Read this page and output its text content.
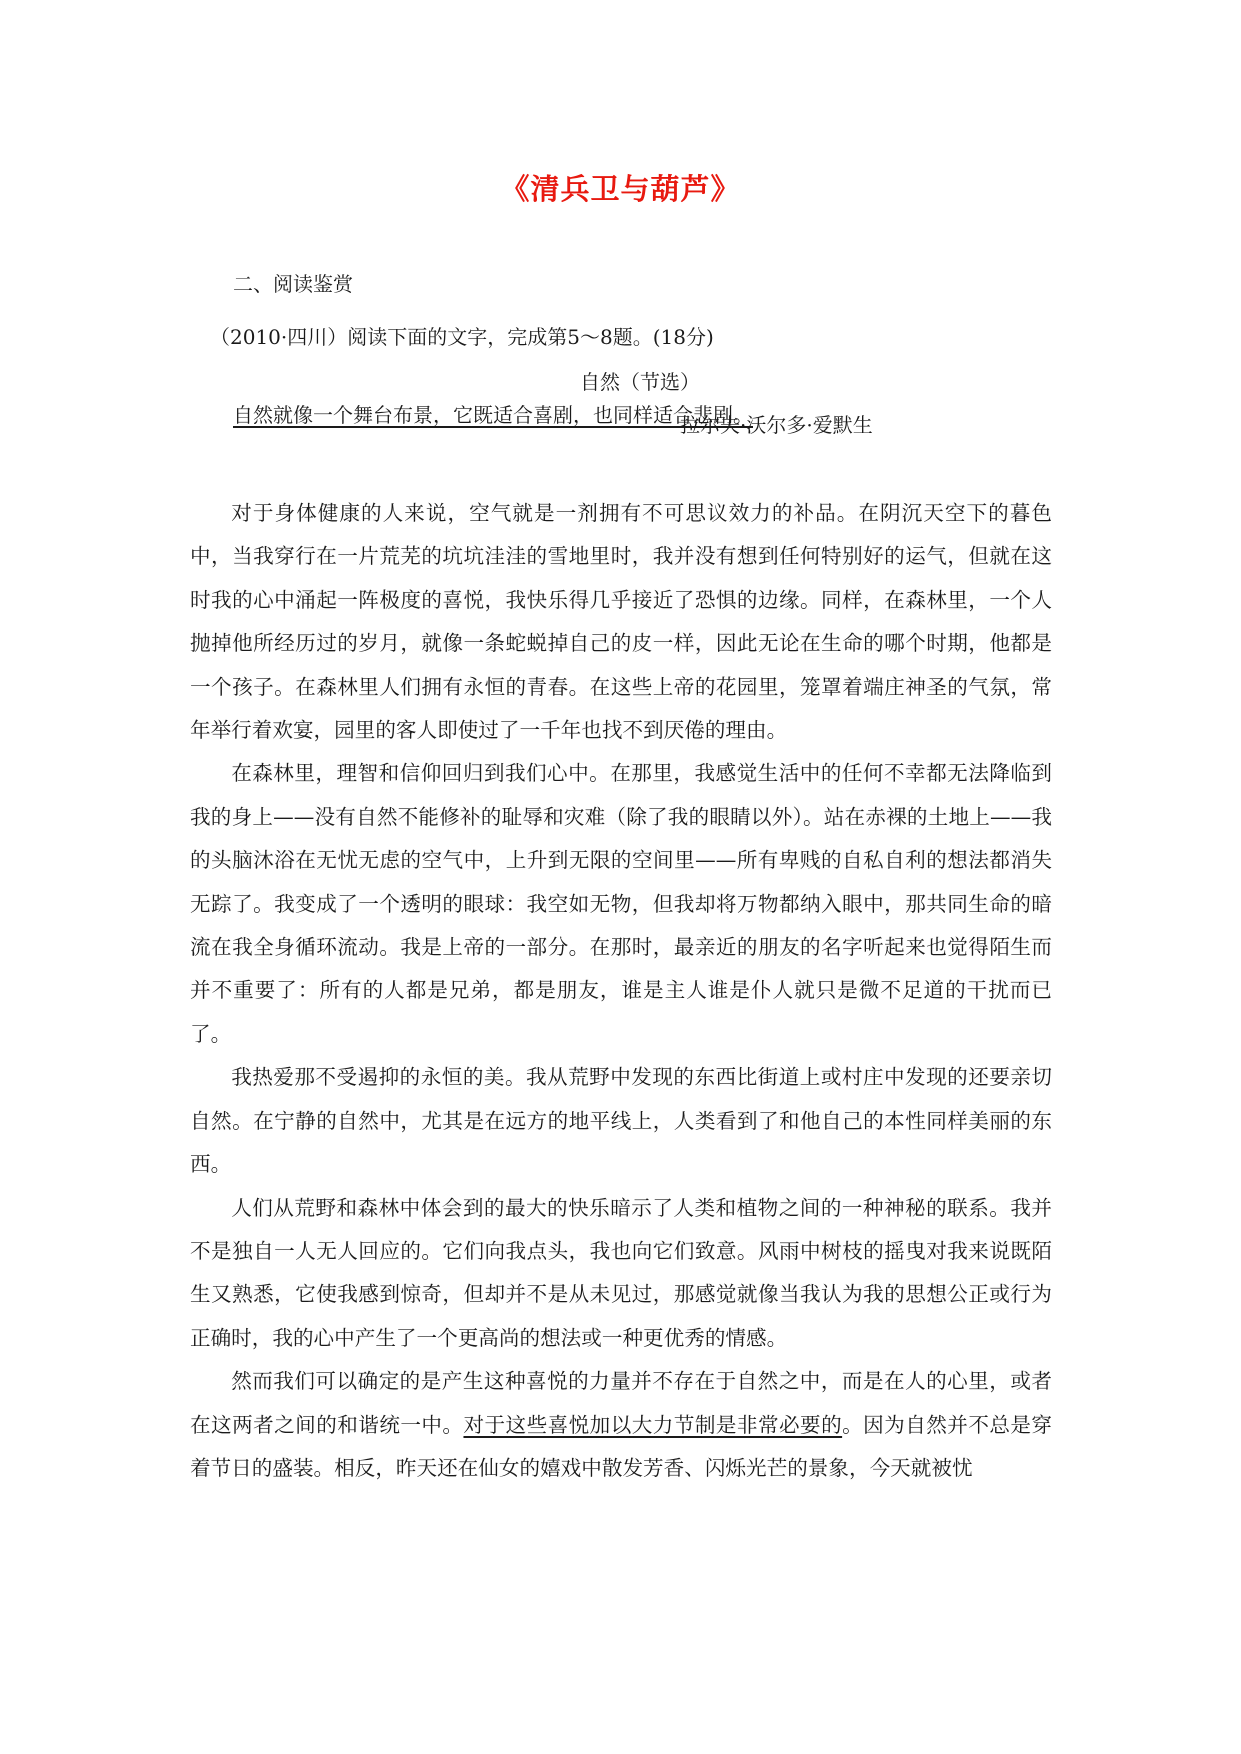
《清兵卫与葫芦》
二、阅读鉴赏
（2010·四川）阅读下面的文字，完成第5～8题。(18分)
自然（节选）
拉尔夫·沃尔多·爱默生
自然就像一个舞台布景，它既适合喜剧，也同样适合悲剧。

对于身体健康的人来说，空气就是一剂拥有不可思议效力的补品。在阴沉天空下的暮色中，当我穿行在一片荒芜的坑坑洼洼的雪地里时，我并没有想到任何特别好的运气，但就在这时我的心中涌起一阵极度的喜悦，我快乐得几乎接近了恐惧的边缘。同样，在森林里，一个人抛掉他所经历过的岁月，就像一条蛇蜕掉自己的皮一样，因此无论在生命的哪个时期，他都是一个孩子。在森林里人们拥有永恒的青春。在这些上帝的花园里，笼罩着端庄神圣的气氛，常年举行着欢宴，园里的客人即使过了一千年也找不到厌倦的理由。

在森林里，理智和信仰回归到我们心中。在那里，我感觉生活中的任何不幸都无法降临到我的身上——没有自然不能修补的耻辱和灾难（除了我的眼睛以外）。站在赤裸的土地上——我的头脑沐浴在无忧无虑的空气中，上升到无限的空间里——所有卑贱的自私自利的想法都消失无踪了。我变成了一个透明的眼球：我空如无物，但我却将万物都纳入眼中，那共同生命的暗流在我全身循环流动。我是上帝的一部分。在那时，最亲近的朋友的名字听起来也觉得陌生而并不重要了：所有的人都是兄弟，都是朋友，谁是主人谁是仆人就只是微不足道的干扰而已了。

我热爱那不受遏抑的永恒的美。我从荒野中发现的东西比街道上或村庄中发现的还要亲切自然。在宁静的自然中，尤其是在远方的地平线上，人类看到了和他自己的本性同样美丽的东西。

人们从荒野和森林中体会到的最大的快乐暗示了人类和植物之间的一种神秘的联系。我并不是独自一人无人回应的。它们向我点头，我也向它们致意。风雨中树枝的摇曳对我来说既陌生又熟悉，它使我感到惊奇，但却并不是从未见过，那感觉就像当我认为我的思想公正或行为正确时，我的心中产生了一个更高尚的想法或一种更优秀的情感。

然而我们可以确定的是产生这种喜悦的力量并不存在于自然之中，而是在人的心里，或者在这两者之间的和谐统一中。对于这些喜悦加以大力节制是非常必要的。因为自然并不总是穿着节日的盛装。相反，昨天还在仙女的嬉戏中散发芳香、闪烁光芒的景象，今天就被忧
